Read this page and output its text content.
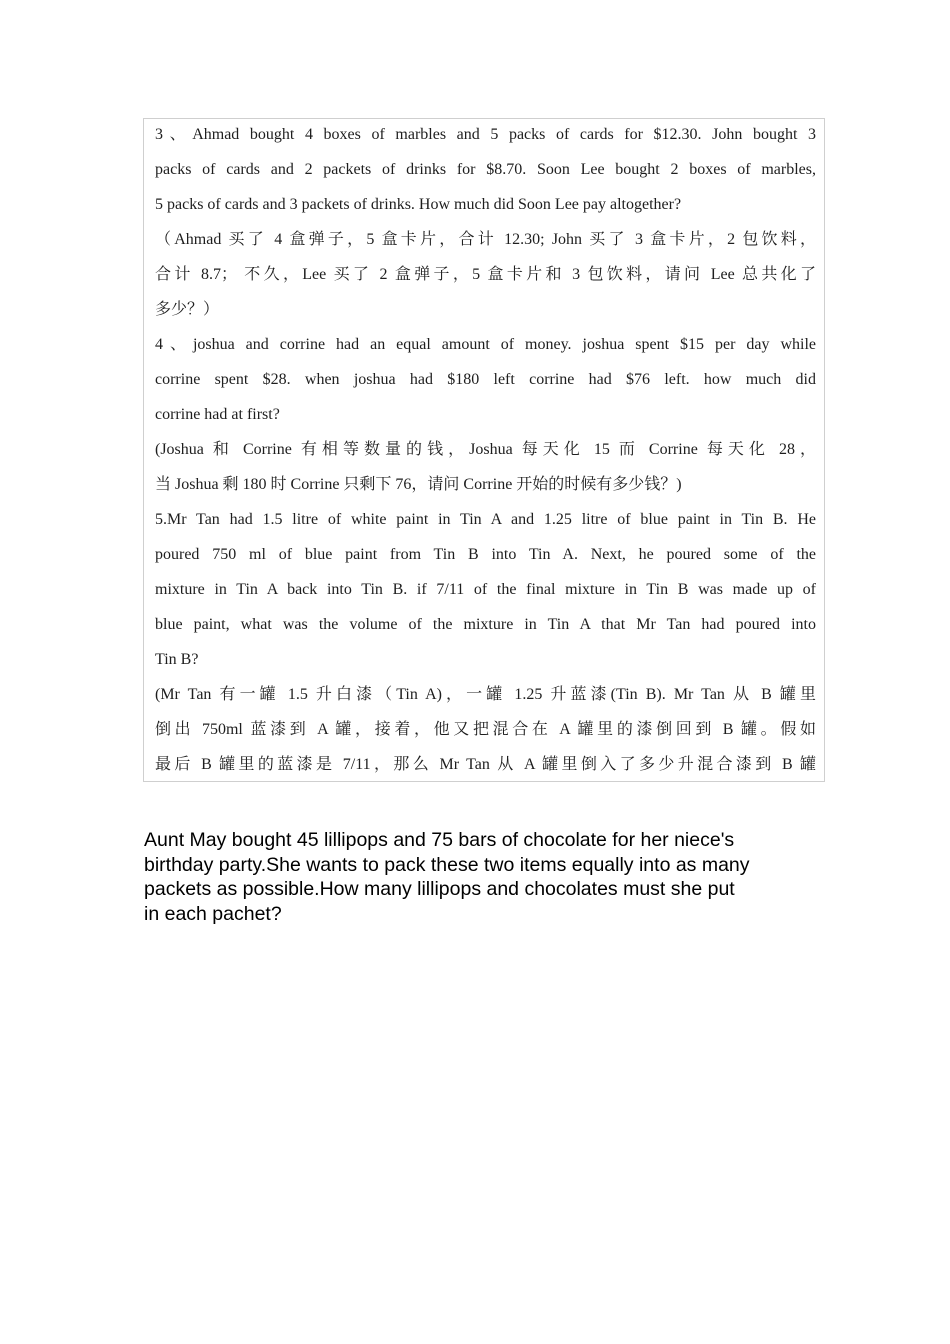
3、Ahmad bought 4 boxes of marbles and 5 packs of cards for $12.30. John bought 3
packs of cards and 2 packets of drinks for $8.70. Soon Lee bought 2 boxes of marbles,
5 packs of cards and 3 packets of drinks. How much did Soon Lee pay altogether?
（Ahmad 买了 4 盒弹子，5 盒卡片，合计 12.30; John 买了 3 盒卡片，2 包饮料，
合计 8.7； 不久，Lee 买了 2 盒弹子，5 盒卡片和 3 包饮料，请问 Lee 总共化了
多少？）
4、joshua and corrine had an equal amount of money. joshua spent $15 per day while
corrine spent $28. when joshua had $180 left corrine had $76 left. how much did
corrine had at first?
(Joshua 和 Corrine 有相等数量的钱，Joshua 每天化 15 而 Corrine 每天化 28，
当 Joshua 剩 180 时 Corrine 只剩下 76，请问 Corrine 开始的时候有多少钱？)
5.Mr Tan had 1.5 litre of white paint in Tin A and 1.25 litre of blue paint in Tin B. He
poured 750 ml of blue paint from Tin B into Tin A. Next, he poured some of the
mixture in Tin A back into Tin B. if 7/11 of the final mixture in Tin B was made up of
blue paint, what was the volume of the mixture in Tin A that Mr Tan had poured into
Tin B?
(Mr Tan 有一罐 1.5 升白漆（Tin A)，一罐 1.25 升蓝漆(Tin B). Mr Tan 从 B 罐里
倒出 750ml 蓝漆到 A 罐，接着，他又把混合在 A 罐里的漆倒回到 B 罐。假如
最后 B 罐里的蓝漆是 7/11，那么 Mr Tan 从 A 罐里倒入了多少升混合漆到 B 罐
Aunt May bought 45 lillipops and 75 bars of chocolate for her niece's
birthday party.She wants to pack these two items equally into as many
packets as possible.How many lillipops and chocolates must she put
in each pachet?
